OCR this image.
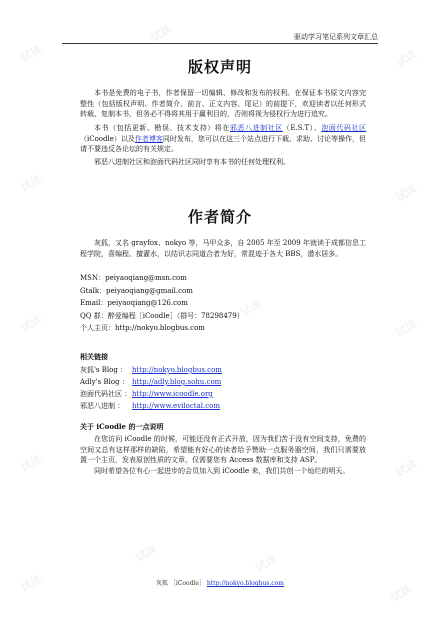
驱动学习笔记系列文章汇总
版权声明
本书是免费的电子书，作者保留一切编辑、修改和发布的权利。在保证本书原文内容完整性（包括版权声明、作者简介、前言、正文内容、尾记）的前提下，欢迎读者以任何形式转载、复制本书，但务必不得将其用于赢利目的，否则将视为侵权行为进行追究。
本书（包括更新、勘误、技术支持）将在邪恶八进制社区（E.S.T）、泡面代码社区（iCoodle）以及作者博客同时发布，您可以在这三个站点进行下载、求助、讨论等操作，但请不要违反各论坛的有关规定。
邪恶八进制社区和泡面代码社区同时享有本书的任何处理权利。
作者简介
灰狐，又名 grayfox、nokyo 等，马甲众多，自 2005 年至 2009 年就读于成都信息工程学院，喜编程、擅灌水，以结识志同道合者为好，常混迹于各大 BBS，潜水居多。
MSN：peiyaoqiang@msn.com
Gtalk：peiyaoqiang@gmail.com
Email：peiyaoqiang@126.com
QQ 群：醉爱编程［iCoodle］（群号：78298479）
个人主页：http://nokyo.blogbus.com
相关链接
灰狐's Blog ： http://nokyo.blogbus.com
Adly's Blog ： http://adly.blog.sohu.com
泡面代码社区 ： http://www.icoodle.org
邪恶八进制 ：	http://www.eviloctal.com
关于 iCoodle 的一点说明
在您访问 iCoodle 的时候，可能还没有正式开放，因为我们苦于没有空间支持，免费的空间又总有这样那样的缺陷，希望能有好心的读者给予赞助一点服务器空间，我们只需要放置一个主页，发表原创性质的文章，仅需要您有 Access 数据库和支持 ASP。
同时希望各位有心一起进步的会员加入到 iCoodle 来，我们共创一个灿烂的明天。
灰狐 ［iCoodle］ http://nokyo.blogbus.com
试读
试读
试读
试读	试读
试读
试读
试读
试读	试读
试读
试读	试读
试读
